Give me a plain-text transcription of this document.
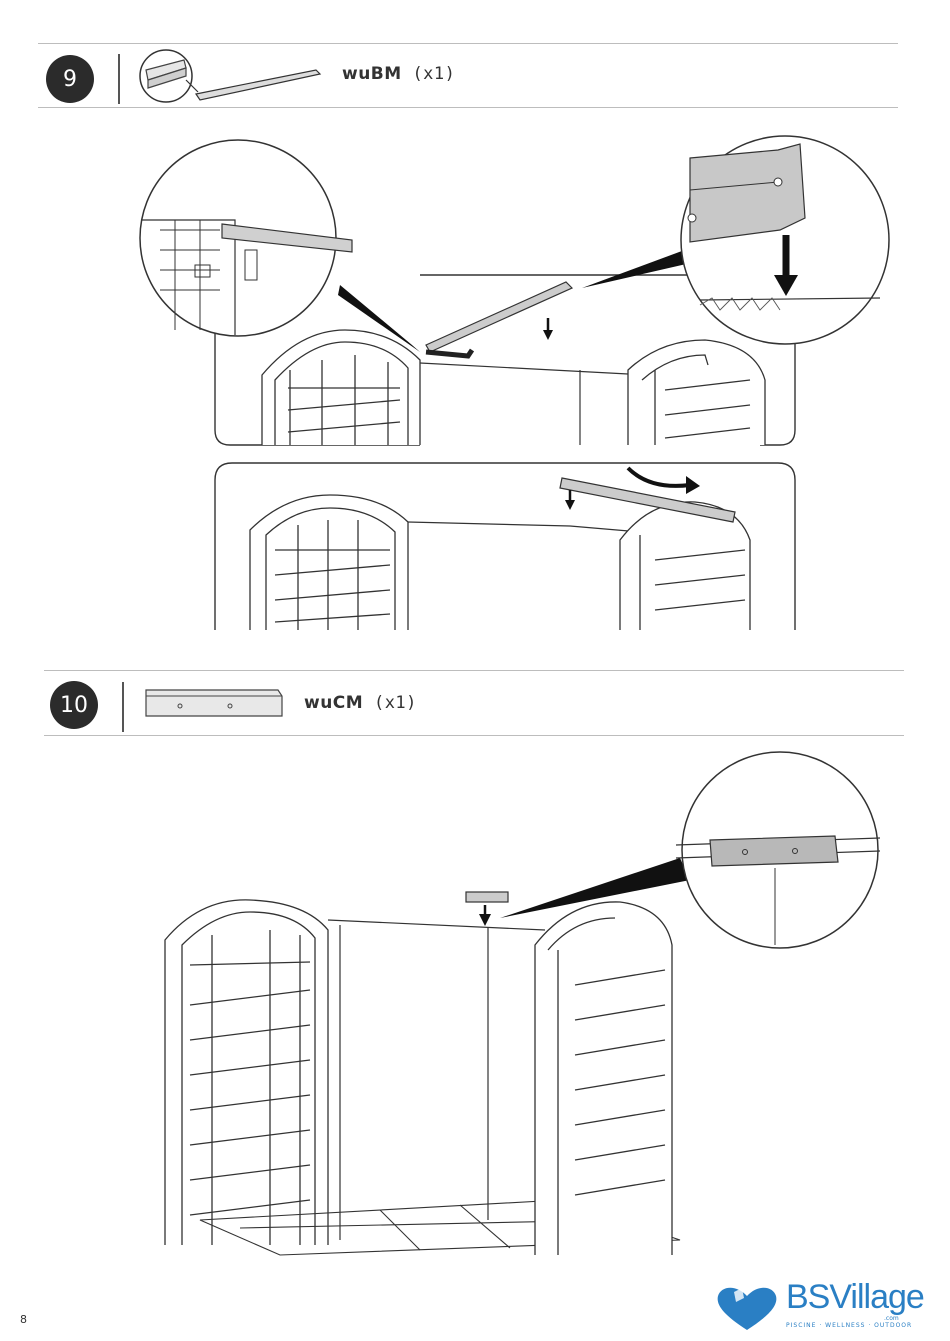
9	wuBM (x1)
10	wuCM (x1)
8
BSVillage
.com
PISCINE · WELLNESS · OUTDOOR
